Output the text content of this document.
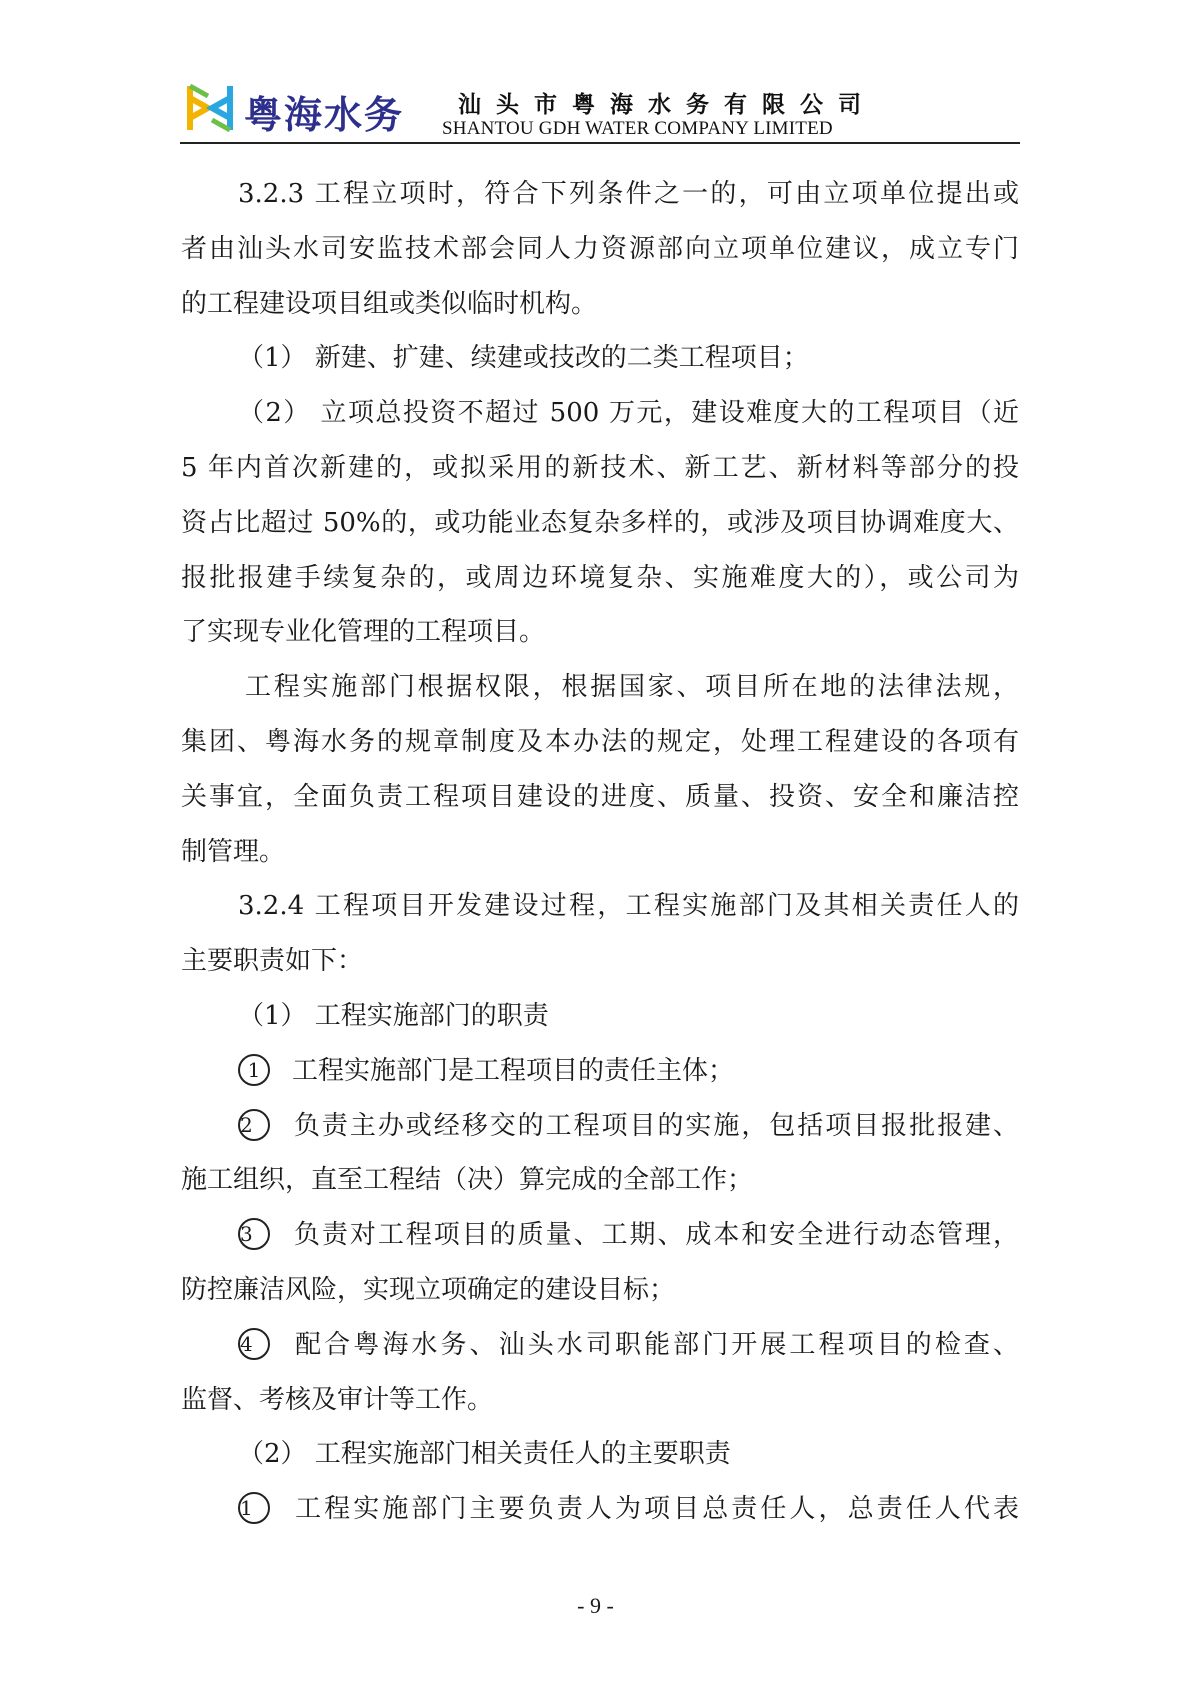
粤海水务 汕头市粤海水务有限公司
SHANTOU GDH WATER COMPANY LIMITED
3.2.3 工程立项时，符合下列条件之一的，可由立项单位提出或
者由汕头水司安监技术部会同人力资源部向立项单位建议，成立专门
的工程建设项目组或类似临时机构。
（1） 新建、扩建、续建或技改的二类工程项目；
（2） 立项总投资不超过 500 万元，建设难度大的工程项目（近
5 年内首次新建的，或拟采用的新技术、新工艺、新材料等部分的投
资占比超过 50%的，或功能业态复杂多样的，或涉及项目协调难度大、
报批报建手续复杂的，或周边环境复杂、实施难度大的），或公司为
了实现专业化管理的工程项目。
工程实施部门根据权限，根据国家、项目所在地的法律法规，
集团、粤海水务的规章制度及本办法的规定，处理工程建设的各项有
关事宜，全面负责工程项目建设的进度、质量、投资、安全和廉洁控
制管理。
3.2.4 工程项目开发建设过程，工程实施部门及其相关责任人的
主要职责如下：
（1） 工程实施部门的职责
1 工程实施部门是工程项目的责任主体；
2 负责主办或经移交的工程项目的实施，包括项目报批报建、
施工组织，直至工程结（决）算完成的全部工作；
3 负责对工程项目的质量、工期、成本和安全进行动态管理，
防控廉洁风险，实现立项确定的建设目标；
4 配合粤海水务、汕头水司职能部门开展工程项目的检查、
监督、考核及审计等工作。
（2） 工程实施部门相关责任人的主要职责
1 工程实施部门主要负责人为项目总责任人，总责任人代表
- 9 -
